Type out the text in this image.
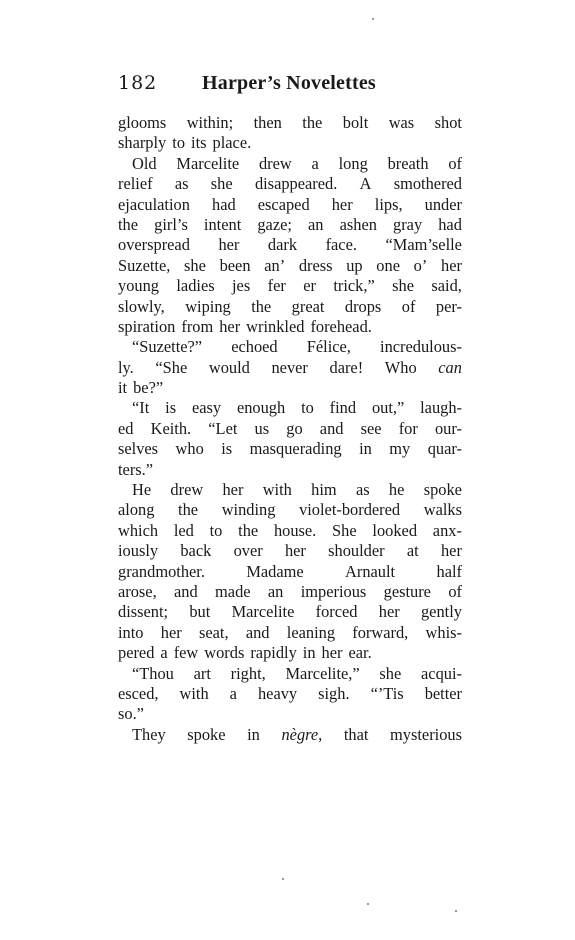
182 Harper’s Novelettes
glooms within; then the bolt was shot
sharply to its place.
Old Marcelite drew a long breath of
relief as she disappeared. A smothered
ejaculation had escaped her lips, under
the girl’s intent gaze; an ashen gray had
overspread her dark face. “Mam’selle
Suzette, she been an’ dress up one o’ her
young ladies jes fer er trick,” she said,
slowly, wiping the great drops of per-
spiration from her wrinkled forehead.
“Suzette?” echoed Félice, incredulous-
ly. “She would never dare! Who can
it be?”
“It is easy enough to find out,” laugh-
ed Keith. “Let us go and see for our-
selves who is masquerading in my quar-
ters.”
He drew her with him as he spoke
along the winding violet-bordered walks
which led to the house. She looked anx-
iously back over her shoulder at her
grandmother.	Madame	Arnault	half
arose, and made an imperious gesture of
dissent; but Marcelite forced her gently
into her seat, and leaning forward, whis-
pered a few words rapidly in her ear.
“Thou art right, Marcelite,” she acqui-
esced, with a heavy sigh. “’Tis better
so.”
They spoke in nègre, that mysterious
